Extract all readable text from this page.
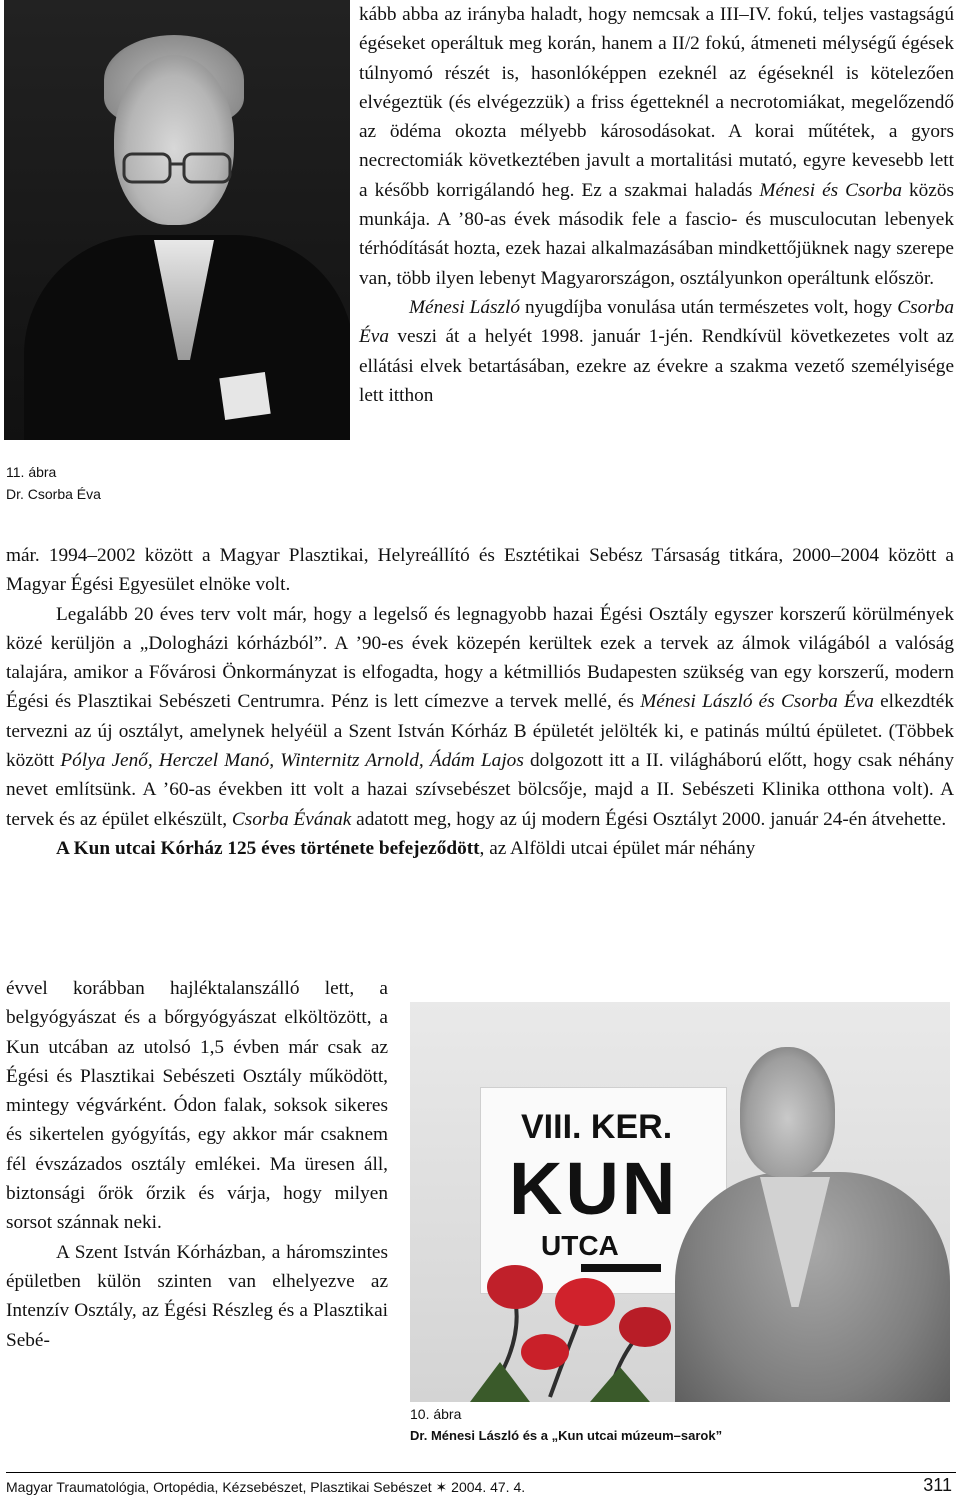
11. ábra
Dr. Csorba Éva

kább abba az irányba haladt, hogy nemcsak a III–IV. fokú, teljes vastagságú égéseket operáltuk meg korán, hanem a II/2 fokú, átmeneti mélységű égések túlnyomó részét is, hasonlóképpen ezeknél az égéseknél is kötelezően elvégeztük (és elvégezzük) a friss égetteknél a necrotomiákat, megelőzendő az ödéma okozta mélyebb károsodásokat. A korai műtétek, a gyors necrectomiák következtében javult a mortalitási mutató, egyre kevesebb lett a később korrigálandó heg. Ez a szakmai haladás Ménesi és Csorba közös munkája. A ’80-as évek második fele a fascio- és musculocutan lebenyek térhódítását hozta, ezek hazai alkalmazásában mindkettőjüknek nagy szerepe van, több ilyen lebenyt Magyarországon, osztályunkon operáltunk először.

Ménesi László nyugdíjba vonulása után természetes volt, hogy Csorba Éva veszi át a helyét 1998. január 1-jén. Rendkívül következetes volt az ellátási elvek betartásában, ezekre az évekre a szakma vezető személyisége lett itthon

már. 1994–2002 között a Magyar Plasztikai, Helyreállító és Esztétikai Sebész Társaság titkára, 2000–2004 között a Magyar Égési Egyesület elnöke volt.

Legalább 20 éves terv volt már, hogy a legelső és legnagyobb hazai Égési Osztály egyszer korszerű körülmények közé kerüljön a „Dologházi kórházból”. A ’90-es évek közepén kerültek ezek a tervek az álmok világából a valóság talajára, amikor a Fővárosi Önkormányzat is elfogadta, hogy a kétmilliós Budapesten szükség van egy korszerű, modern Égési és Plasztikai Sebészeti Centrumra. Pénz is lett címezve a tervek mellé, és Ménesi László és Csorba Éva elkezdték tervezni az új osztályt, amelynek helyéül a Szent István Kórház B épületét jelölték ki, e patinás múltú épületet. (Többek között Pólya Jenő, Herczel Manó, Winternitz Arnold, Ádám Lajos dolgozott itt a II. világháború előtt, hogy csak néhány nevet említsünk. A ’60-as években itt volt a hazai szívsebészet bölcsője, majd a II. Sebészeti Klinika otthona volt). A tervek és az épület elkészült, Csorba Évának adatott meg, hogy az új modern Égési Osztályt 2000. január 24-én átvehette.

A Kun utcai Kórház 125 éves története befejeződött, az Alföldi utcai épület már néhány

évvel korábban hajléktalanszálló lett, a belgyógyászat és a bőrgyógyászat elköltözött, a Kun utcában az utolsó 1,5 évben már csak az Égési és Plasztikai Sebészeti Osztály működött, mintegy végvárként. Ódon falak, soksok sikeres és sikertelen gyógyítás, egy akkor már csaknem fél évszázados osztály emlékei. Ma üresen áll, biztonsági őrök őrzik és várja, hogy milyen sorsot szánnak neki.

A Szent István Kórházban, a háromszintes épületben külön szinten van elhelyezve az Intenzív Osztály, az Égési Részleg és a Plasztikai Sebé-

VIII. KER.
KUN
UTCA
10. ábra
Dr. Ménesi László és a „Kun utcai múzeum–sarok”
Magyar Traumatológia, Ortopédia, Kézsebészet, Plasztikai Sebészet ✶ 2004. 47. 4.	311
